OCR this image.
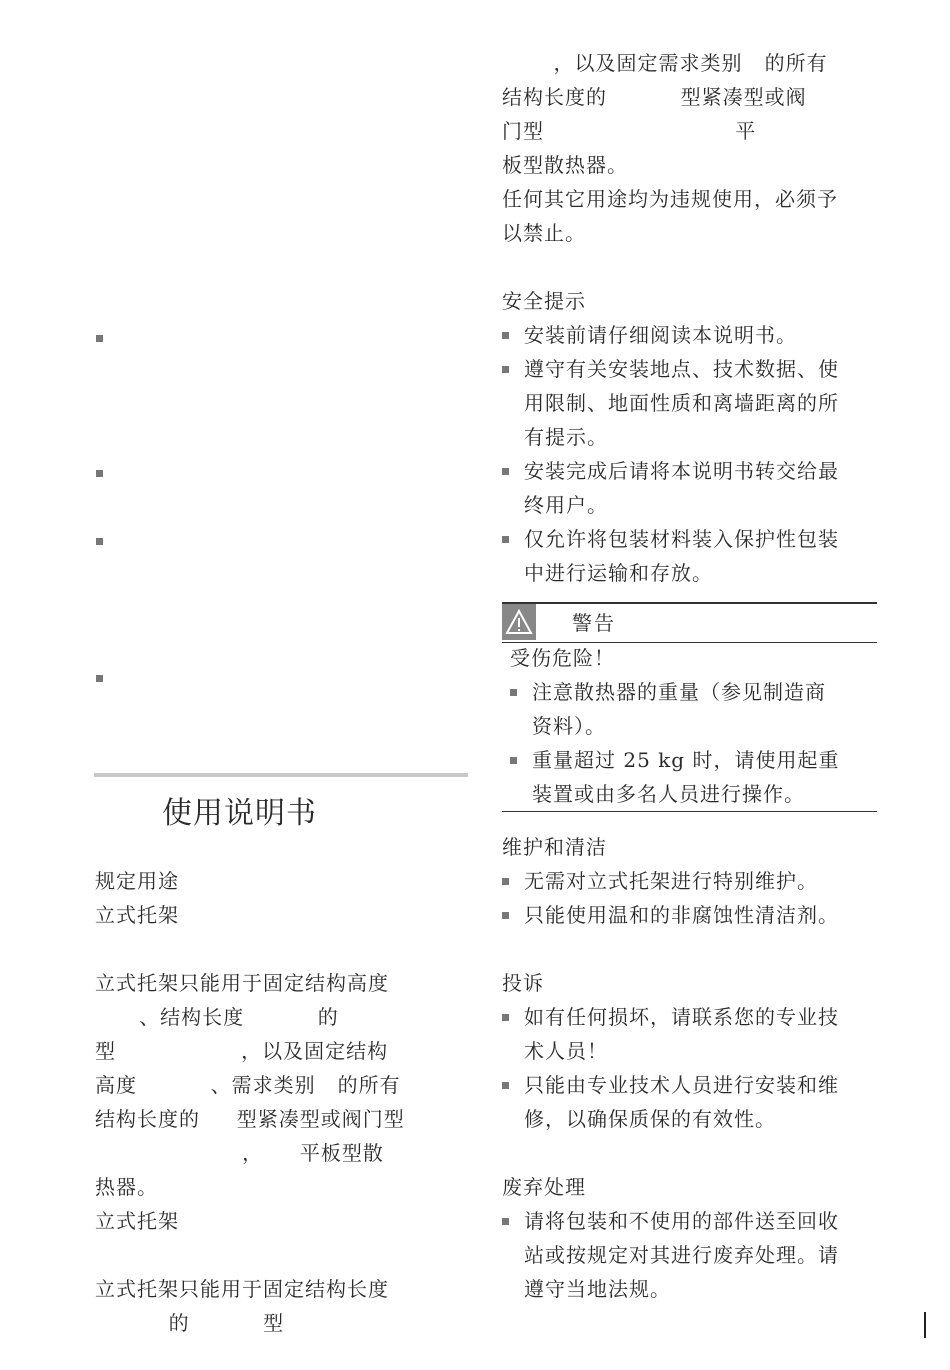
使用说明书
规定用途
立式托架
立式托架只能用于固定结构高度
、结构长度          的
型                 ，以及固定结构
高度          、需求类别   的所有
结构长度的     型紧凑型或阀门型
，     平板型散
热器。
立式托架
立式托架只能用于固定结构长度
的          型
，以及固定需求类别   的所有
结构长度的          型紧凑型或阀
门型                          平
板型散热器。
任何其它用途均为违规使用，必须予
以禁止。
安全提示
安装前请仔细阅读本说明书。
遵守有关安装地点、技术数据、使
用限制、地面性质和离墙距离的所
有提示。
安装完成后请将本说明书转交给最
终用户。
仅允许将包装材料装入保护性包装
中进行运输和存放。
警告
受伤危险！
注意散热器的重量（参见制造商
资料）。
重量超过 25 kg 时，请使用起重
装置或由多名人员进行操作。
维护和清洁
无需对立式托架进行特别维护。
只能使用温和的非腐蚀性清洁剂。
投诉
如有任何损坏，请联系您的专业技
术人员！
只能由专业技术人员进行安装和维
修，以确保质保的有效性。
废弃处理
请将包装和不使用的部件送至回收
站或按规定对其进行废弃处理。请
遵守当地法规。
